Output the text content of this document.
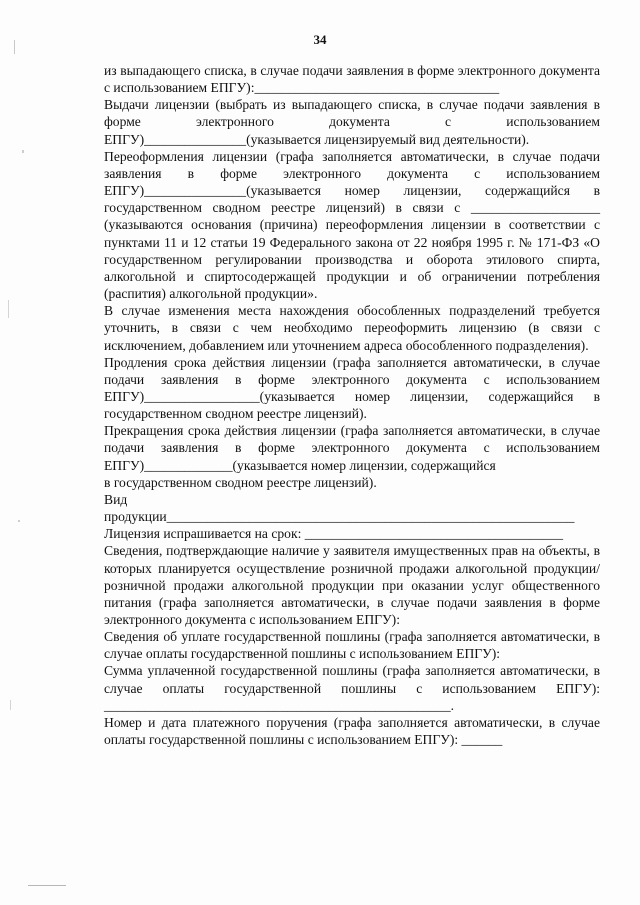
34

из выпадающего списка, в случае подачи заявления в форме электронного документа с использованием ЕПГУ):____________________________________

Выдачи лицензии (выбрать из выпадающего списка, в случае подачи заявления в форме электронного документа с использованием ЕПГУ)_______________(указывается лицензируемый вид деятельности).

Переоформления лицензии (графа заполняется автоматически, в случае подачи заявления в форме электронного документа с использованием ЕПГУ)_______________(указывается номер лицензии, содержащийся в государственном сводном реестре лицензий) в связи с ___________________ (указываются основания (причина) переоформления лицензии в соответствии с пунктами 11 и 12 статьи 19 Федерального закона от 22 ноября 1995 г. № 171-ФЗ «О государственном регулировании производства и оборота этилового спирта, алкогольной и спиртосодержащей продукции и об ограничении потребления (распития) алкогольной продукции».

В случае изменения места нахождения обособленных подразделений требуется уточнить, в связи с чем необходимо переоформить лицензию (в связи с исключением, добавлением или уточнением адреса обособленного подразделения).

Продления срока действия лицензии (графа заполняется автоматически, в случае подачи заявления в форме электронного документа с использованием ЕПГУ)_________________(указывается номер лицензии, содержащийся в государственном сводном реестре лицензий).

Прекращения срока действия лицензии (графа заполняется автоматически, в случае подачи заявления в форме электронного документа с использованием ЕПГУ)_____________(указывается номер лицензии, содержащийся

в государственном сводном реестре лицензий).

Вид продукции____________________________________________________________

Лицензия испрашивается на срок: ______________________________________

Сведения, подтверждающие наличие у заявителя имущественных прав на объекты, в которых планируется осуществление розничной продажи алкогольной продукции/розничной продажи алкогольной продукции при оказании услуг общественного питания (графа заполняется автоматически, в случае подачи заявления в форме электронного документа с использованием ЕПГУ):

Сведения об уплате государственной пошлины (графа заполняется автоматически, в случае оплаты государственной пошлины с использованием ЕПГУ):

Сумма уплаченной государственной пошлины (графа заполняется автоматически, в случае оплаты государственной пошлины с использованием ЕПГУ): ___________________________________________________.

Номер и дата платежного поручения (графа заполняется автоматически, в случае оплаты государственной пошлины с использованием ЕПГУ): ______
